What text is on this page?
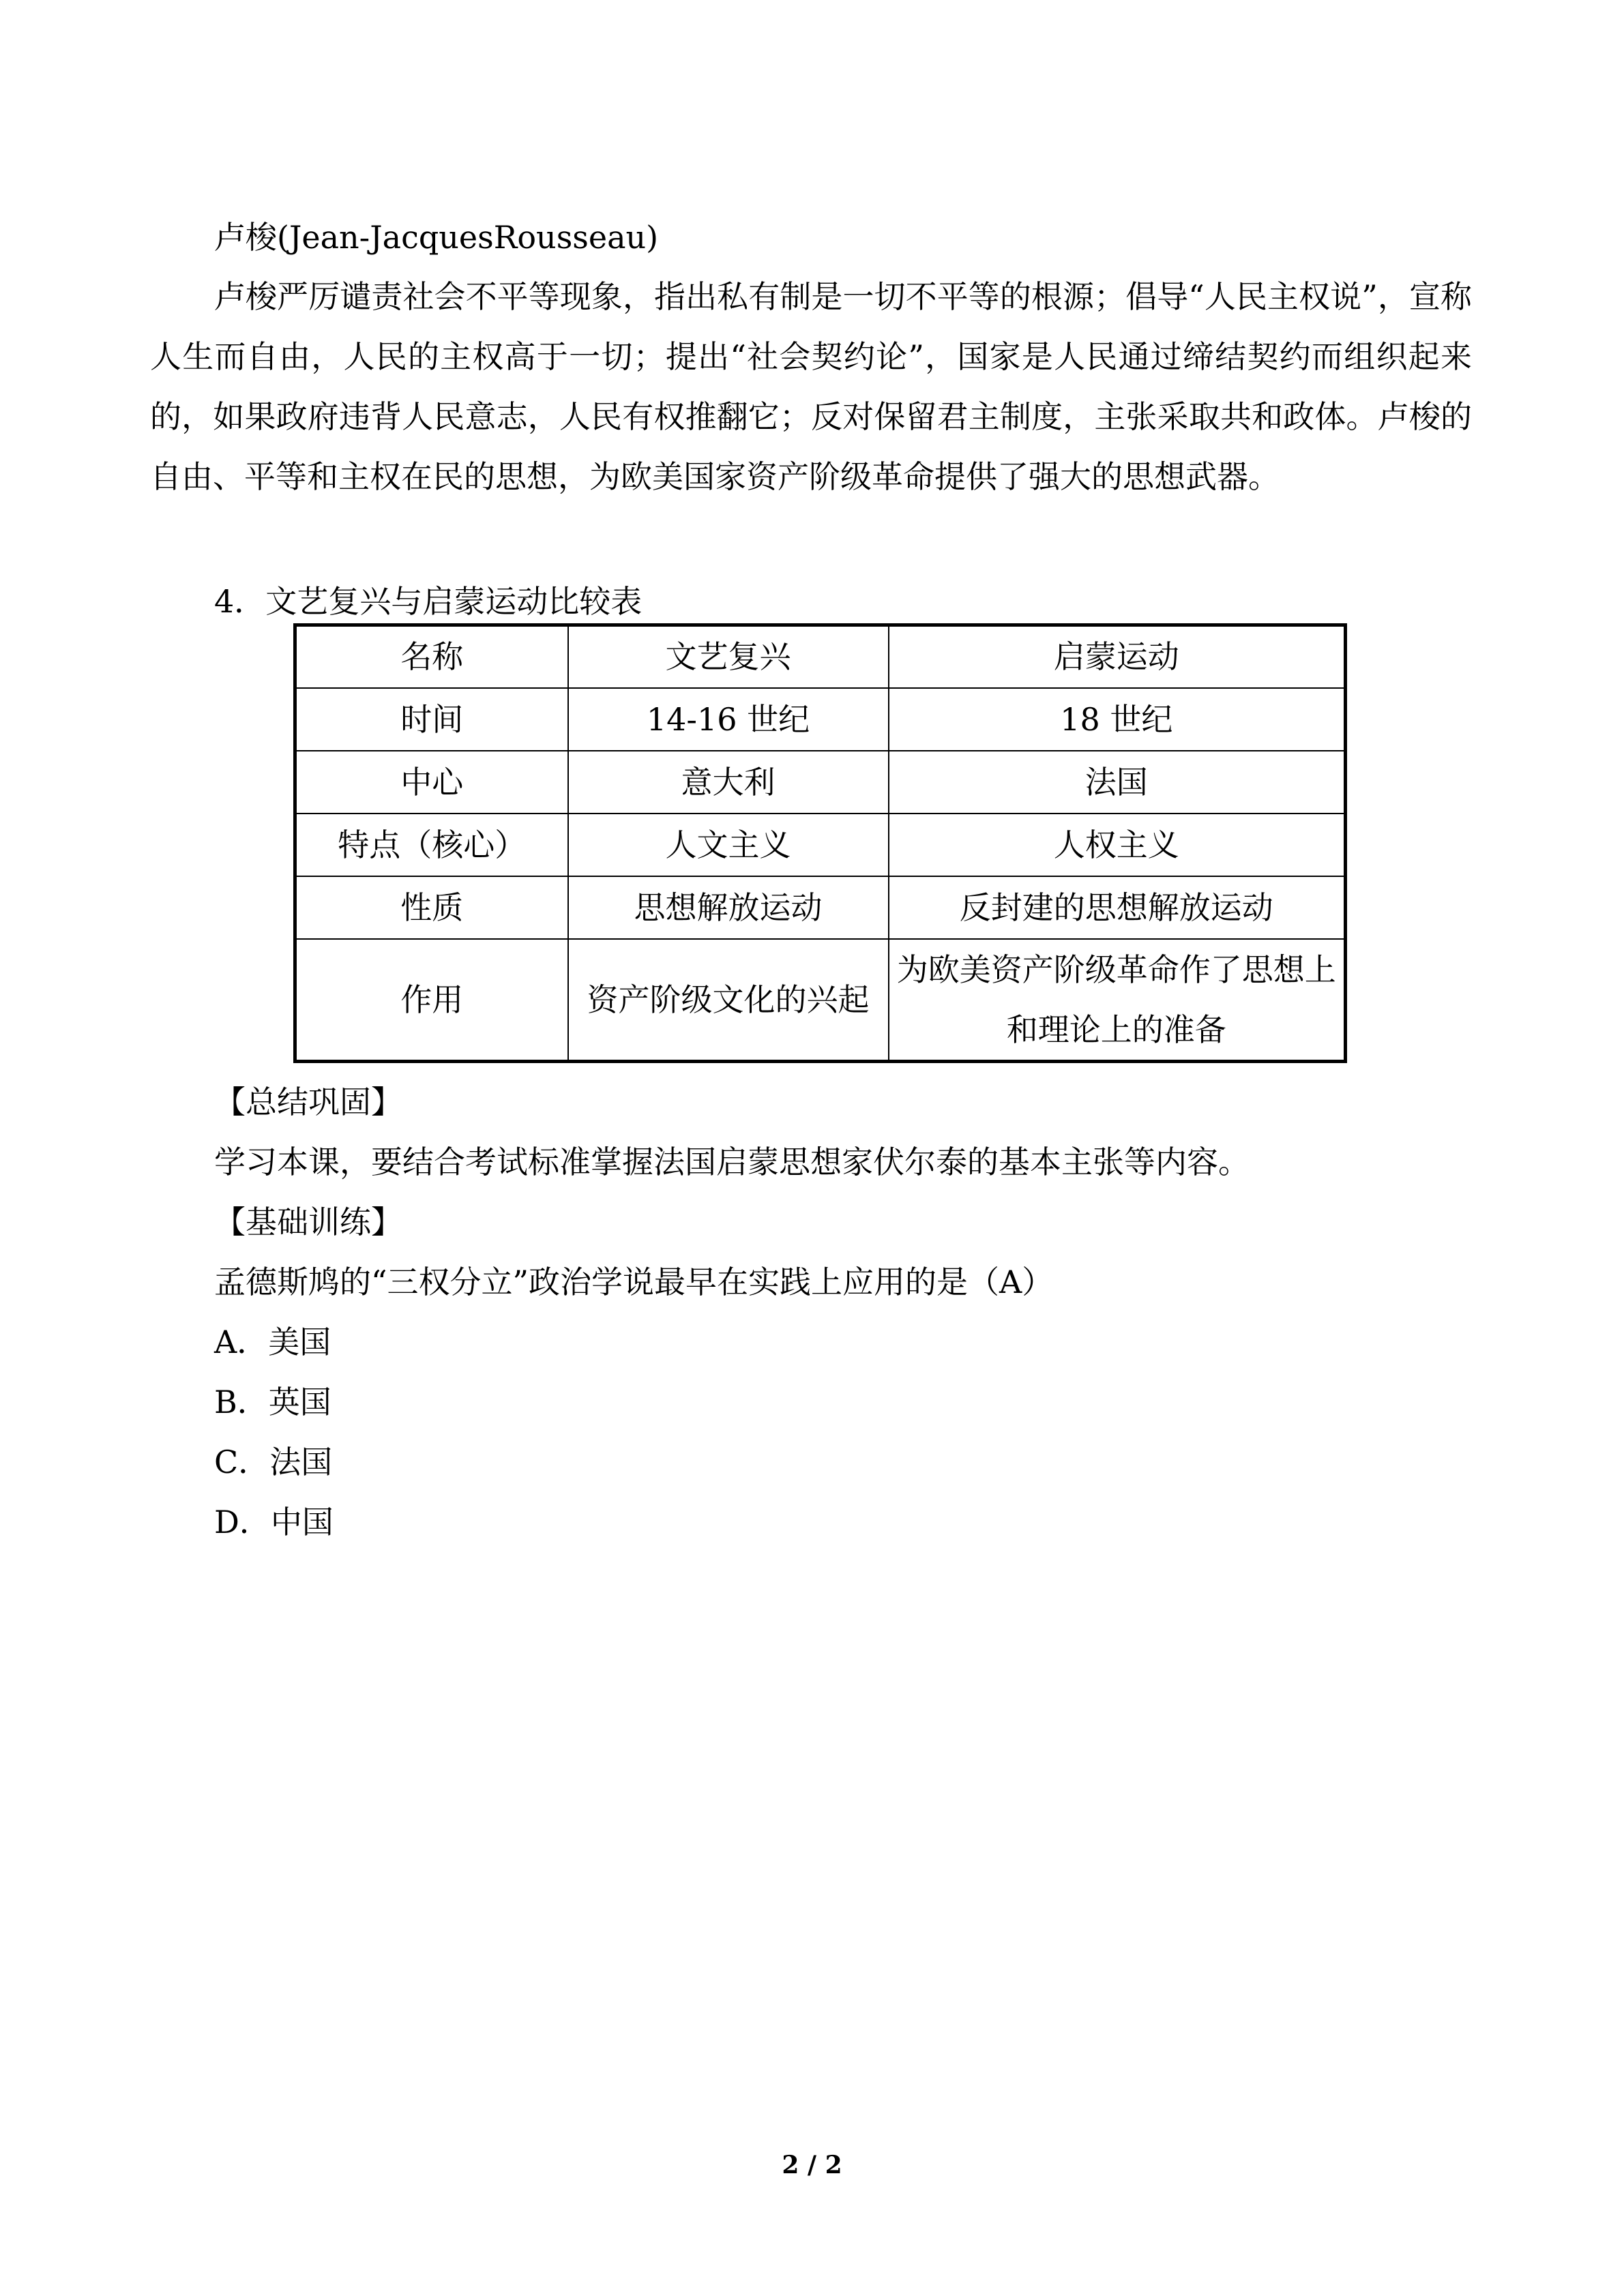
卢梭(Jean-JacquesRousseau)

卢梭严厉谴责社会不平等现象，指出私有制是一切不平等的根源；倡导“人民主权说”，宣称人生而自由，人民的主权高于一切；提出“社会契约论”，国家是人民通过缔结契约而组织起来的，如果政府违背人民意志，人民有权推翻它；反对保留君主制度，主张采取共和政体。卢梭的自由、平等和主权在民的思想，为欧美国家资产阶级革命提供了强大的思想武器。

4．文艺复兴与启蒙运动比较表

名称	文艺复兴	启蒙运动
时间	14-16 世纪	18 世纪
中心	意大利	法国
特点（核心）	人文主义	人权主义
性质	思想解放运动	反封建的思想解放运动
作用	资产阶级文化的兴起	为欧美资产阶级革命作了思想上和理论上的准备

【总结巩固】

学习本课，要结合考试标准掌握法国启蒙思想家伏尔泰的基本主张等内容。

【基础训练】

孟德斯鸠的“三权分立”政治学说最早在实践上应用的是（A）

A．美国

B．英国

C．法国

D．中国

2 / 2
